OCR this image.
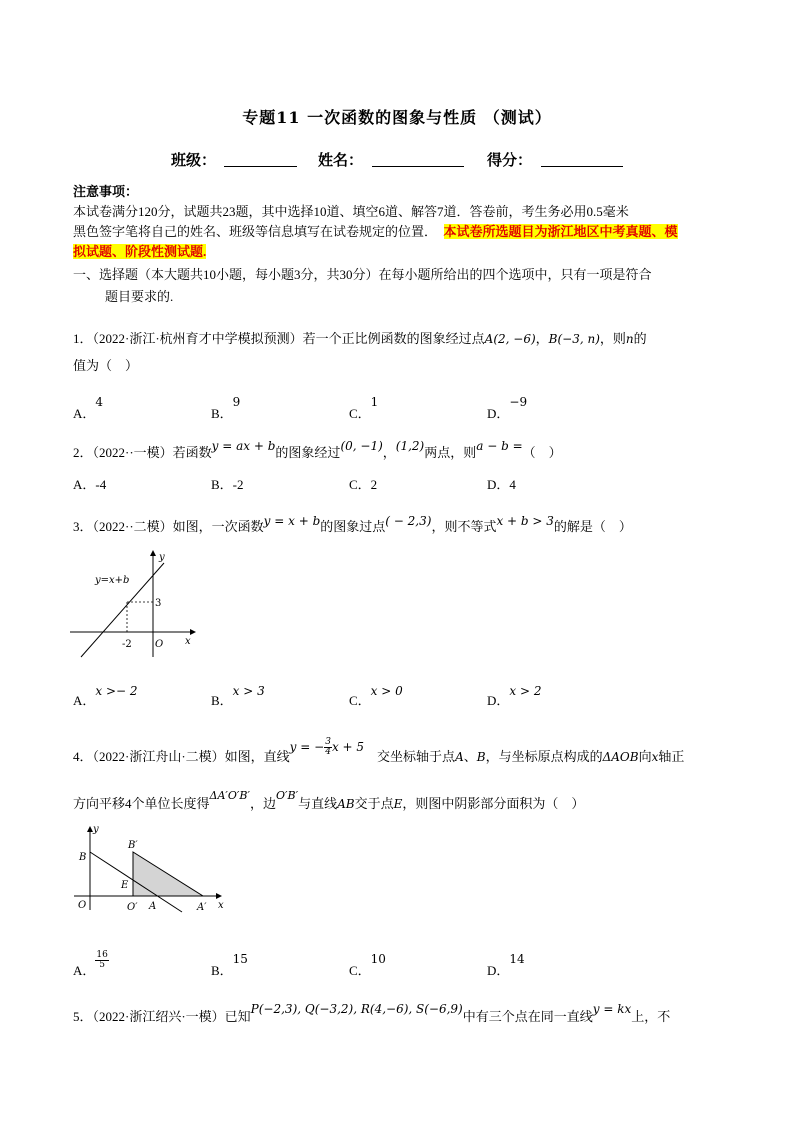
专题11 一次函数的图象与性质 （测试）
班级：	姓名：	得分：
注意事项：
本试卷满分120分，试题共23题，其中选择10道、填空6道、解答7道．答卷前，考生务必用0.5毫米
黑色签字笔将自己的姓名、班级等信息填写在试卷规定的位置．　 本试卷所选题目为浙江地区中考真题、模
拟试题、阶段性测试题.
一、选择题（本大题共10小题，每小题3分，共30分）在每小题所给出的四个选项中，只有一项是符合
题目要求的.
1．（2022·浙江·杭州育才中学模拟预测）若一个正比例函数的图象经过点A(2, −6)，B(−3, n)，则n的
值为（　）
A．4
B．9
C．1
D．−9
2．（2022··一模）若函数y = ax + b的图象经过(0, −1)，(1,2)两点，则a − b =（　）
A．-4	B．-2	C．2	D．4
3．（2022··二模）如图，一次函数y = x + b的图象过点( − 2,3)，则不等式x + b > 3的解是（　）
y=x+b
y
x
3
-2 O
A．x >− 2
B．x > 3
C．x > 0
D．x > 2
4．（2022·浙江舟山·二模）如图，直线y = − $\frac{3}{4}$ x + 5　交坐标轴于点A、B，与坐标原点构成的ΔAOB向x轴正
方向平移4个单位长度得$^{\Delta A'O'B'}$，边$^{O'B'}$与直线AB交于点E，则图中阴影部分面积为（　）
y
x
B
B′
E
O	O′ A	A′
A．
$\frac{16}{5}$
B．15
C．10
D．14
5．（2022·浙江绍兴·一模）已知P(−2,3), Q(−3,2), R(4,−6), S(−6,9)中有三个点在同一直线y = kx上，不
